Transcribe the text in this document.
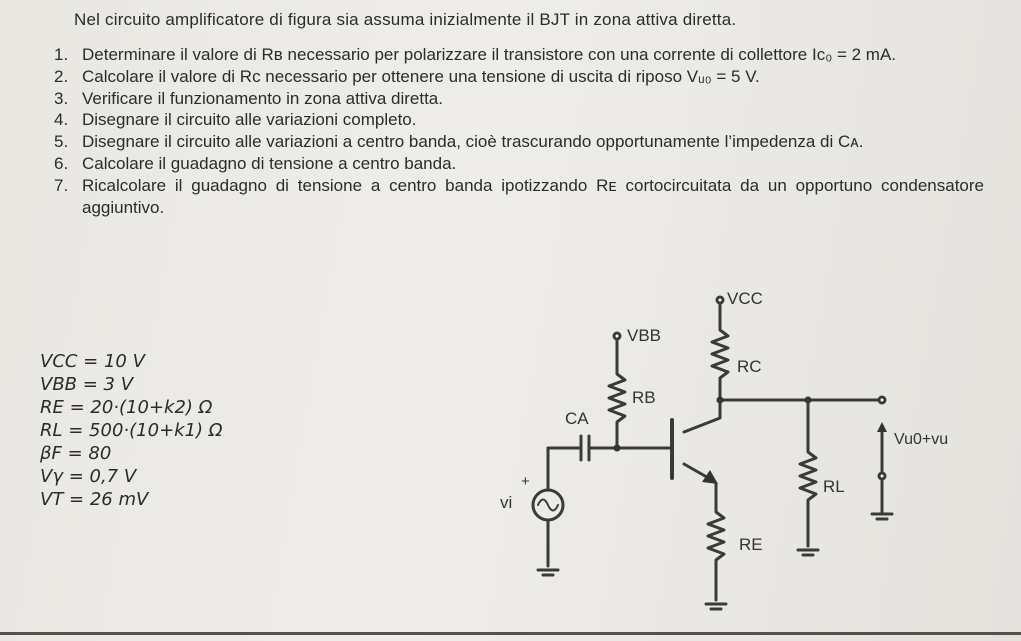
Nel circuito amplificatore di figura sia assuma inizialmente il BJT in zona attiva diretta.
1. Determinare il valore di Rʙ necessario per polarizzare il transistore con una corrente di collettore Iᴄ₀ = 2 mA.
2. Calcolare il valore di Rᴄ necessario per ottenere una tensione di uscita di riposo Vᵤ₀ = 5 V.
3. Verificare il funzionamento in zona attiva diretta.
4. Disegnare il circuito alle variazioni completo.
5. Disegnare il circuito alle variazioni a centro banda, cioè trascurando opportunamente l’impedenza di Cᴀ.
6. Calcolare il guadagno di tensione a centro banda.
7. Ricalcolare il guadagno di tensione a centro banda ipotizzando Rᴇ cortocircuitata da un opportuno condensatore aggiuntivo.
VCC = 10 V
VBB = 3 V
RE = 20·(10+k2) Ω
RL = 500·(10+k1) Ω
βF = 80
Vγ = 0,7 V
VT = 26 mV
VCC
RC
RE
VBB
RB
CA
+
vi
RL
Vu0+vu
